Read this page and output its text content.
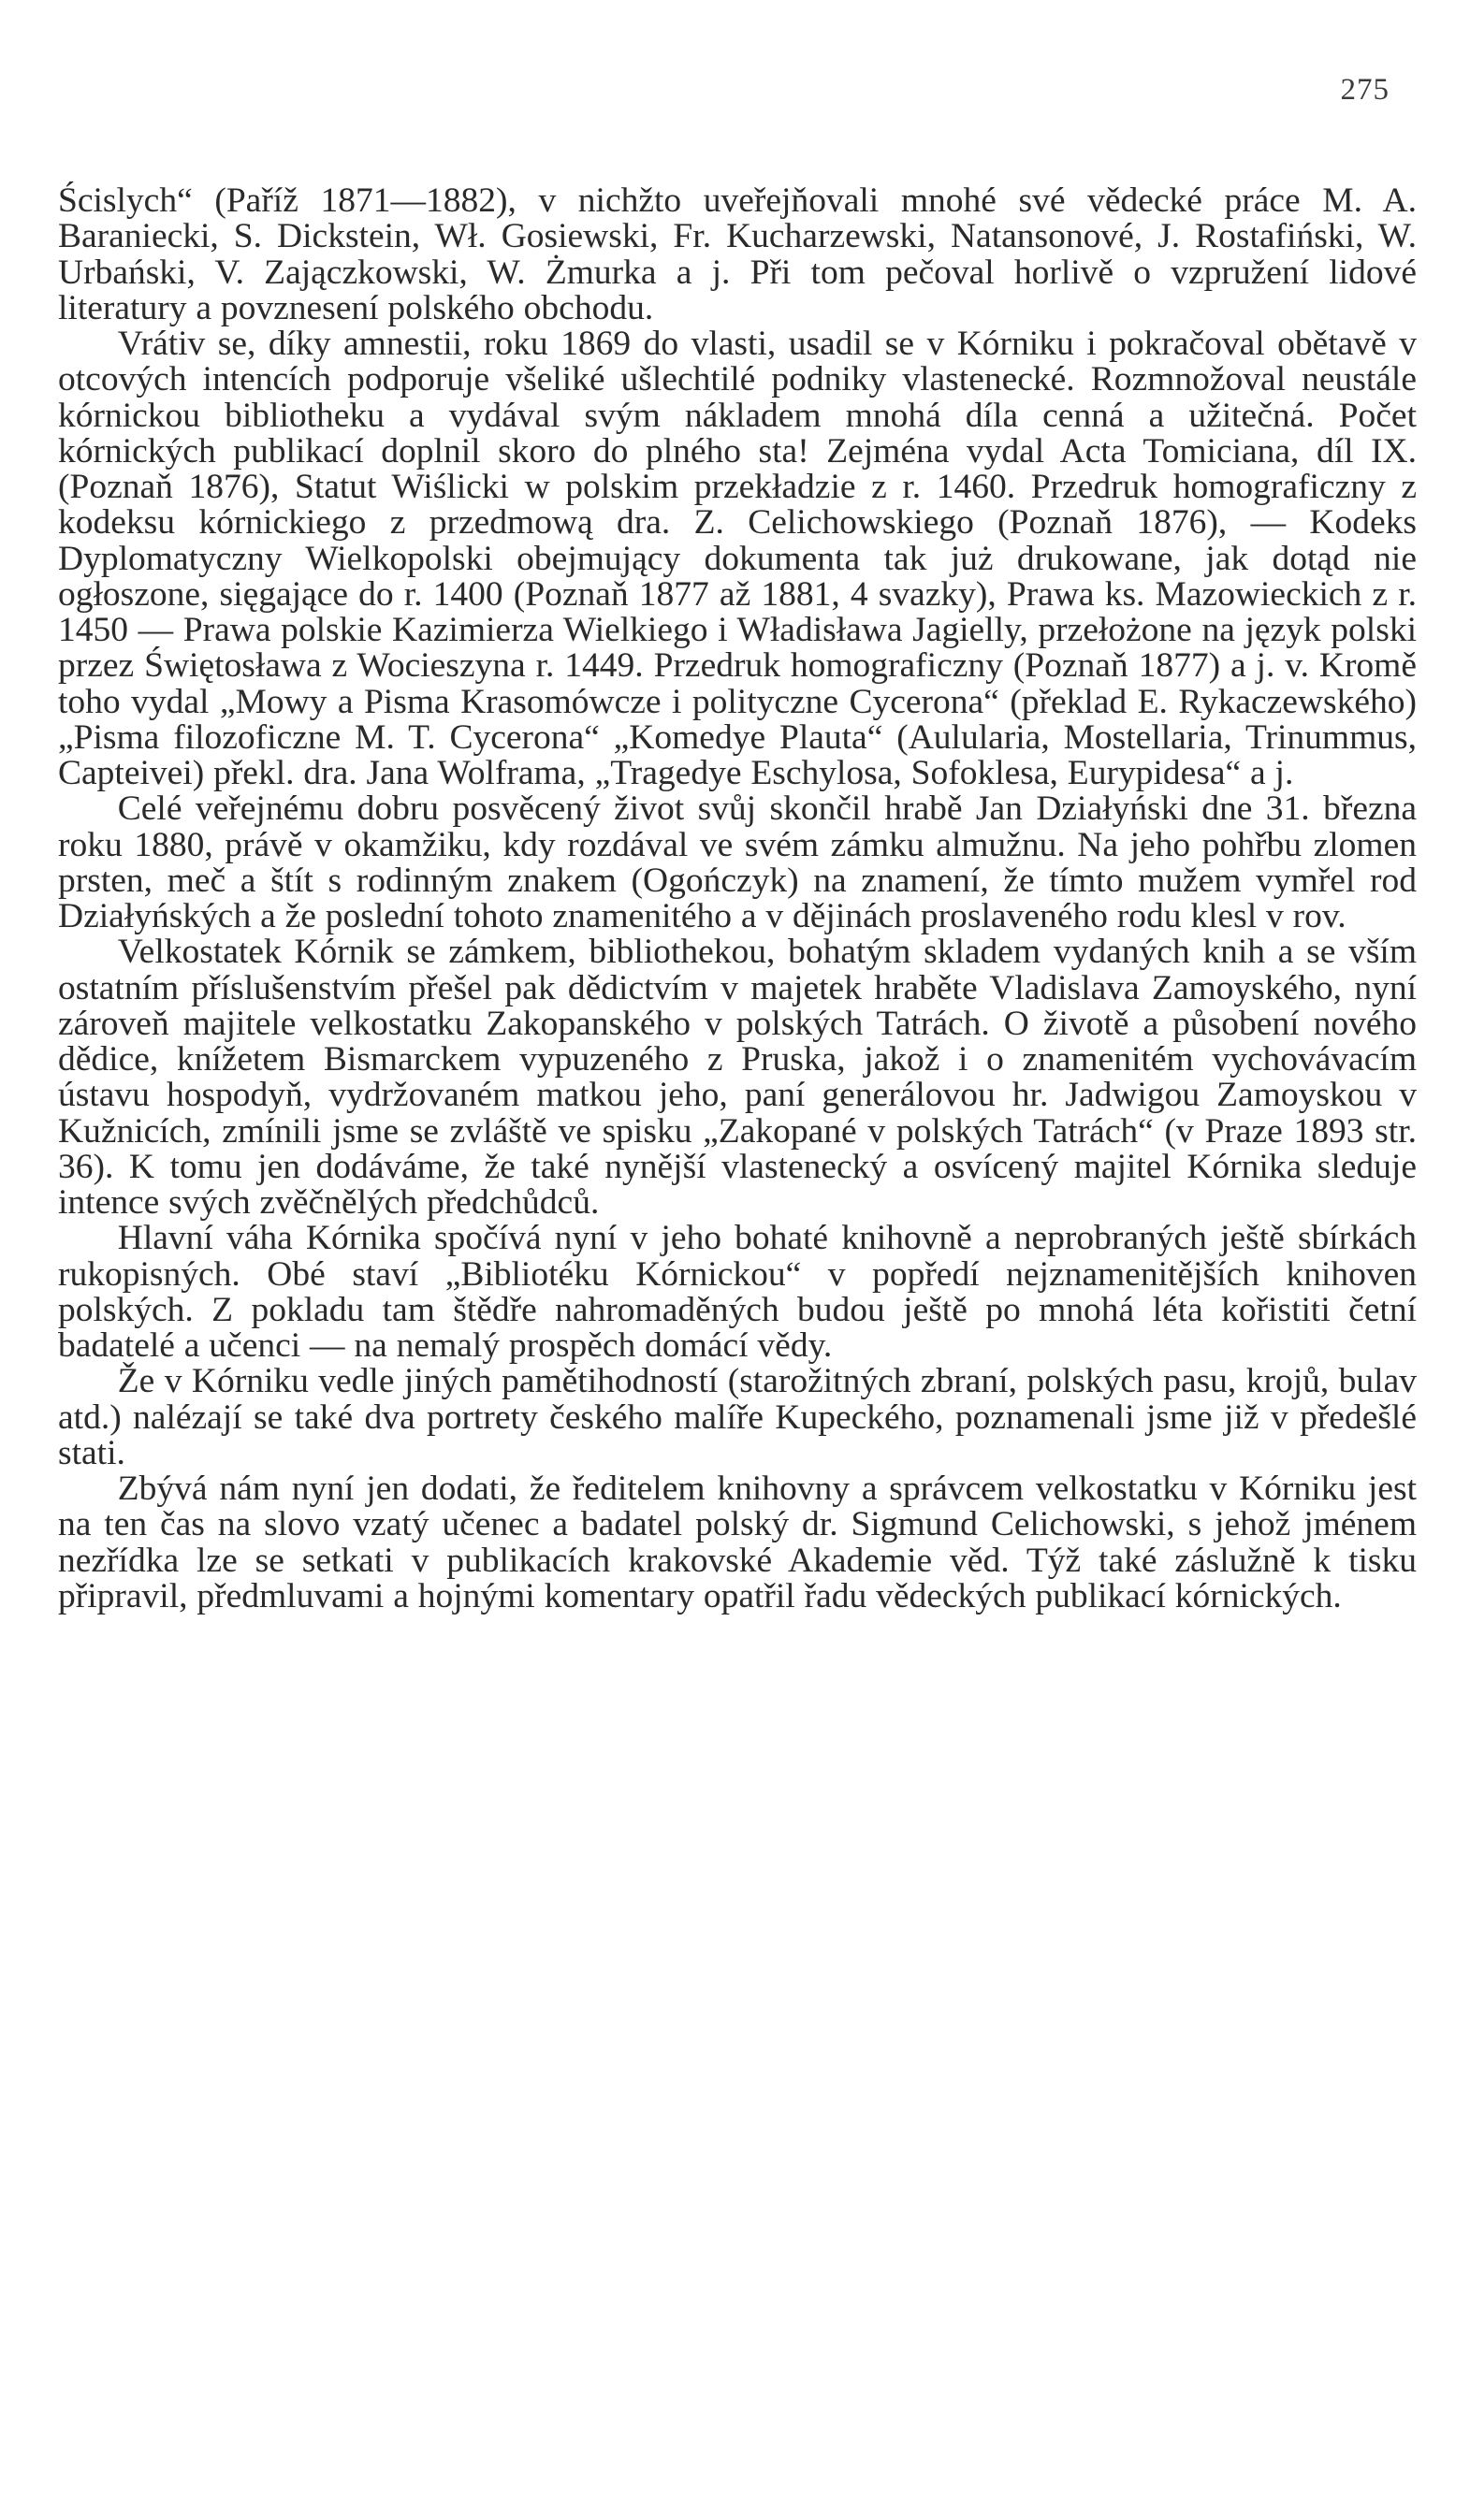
275

Ścislych“ (Paříž 1871—1882), v nichžto uveřejňovali mnohé své vědecké práce M. A. Baraniecki, S. Dickstein, Wł. Gosiewski, Fr. Kucharzewski, Natansonové, J. Rostafiński, W. Urbański, V. Zajączkowski, W. Żmurka a j. Při tom pečoval horlivě o vzpružení lidové literatury a povznesení polského obchodu.

Vrátiv se, díky amnestii, roku 1869 do vlasti, usadil se v Kórniku i pokračoval obětavě v otcových intencích podporuje všeliké ušlechtilé podniky vlastenecké. Rozmnožoval neustále kórnickou bibliotheku a vydával svým nákladem mnohá díla cenná a užitečná. Počet kórnických publikací doplnil skoro do plného sta! Zejména vydal Acta Tomiciana, díl IX. (Poznaň 1876), Statut Wiślicki w polskim przekładzie z r. 1460. Przedruk homograficzny z kodeksu kórnickiego z przedmową dra. Z. Celichowskiego (Poznaň 1876), — Kodeks Dyplomatyczny Wielkopolski obejmujący dokumenta tak już drukowane, jak dotąd nie ogłoszone, sięgające do r. 1400 (Poznaň 1877 až 1881, 4 svazky), Prawa ks. Mazowieckich z r. 1450 — Prawa polskie Kazimierza Wielkiego i Władisława Jagielly, przełożone na język polski przez Świętosława z Wocieszyna r. 1449. Przedruk homograficzny (Poznaň 1877) a j. v. Kromě toho vydal „Mowy a Pisma Krasomówcze i polityczne Cycerona“ (překlad E. Rykaczewského) „Pisma filozoficzne M. T. Cycerona“ „Komedye Plauta“ (Aulularia, Mostellaria, Trinummus, Capteivei) překl. dra. Jana Wolframa, „Tragedye Eschylosa, Sofoklesa, Eurypidesa“ a j.

Celé veřejnému dobru posvěcený život svůj skončil hrabě Jan Działyński dne 31. března roku 1880, právě v okamžiku, kdy rozdával ve svém zámku almužnu. Na jeho pohřbu zlomen prsten, meč a štít s rodinným znakem (Ogończyk) na znamení, že tímto mužem vymřel rod Działyńských a že poslední tohoto znamenitého a v dějinách proslaveného rodu klesl v rov.

Velkostatek Kórnik se zámkem, bibliothekou, bohatým skladem vydaných knih a se vším ostatním příslušenstvím přešel pak dědictvím v majetek hraběte Vladislava Zamoyského, nyní zároveň majitele velkostatku Zakopanského v polských Tatrách. O životě a působení nového dědice, knížetem Bismarckem vypuzeného z Pruska, jakož i o znamenitém vychovávacím ústavu hospodyň, vydržovaném matkou jeho, paní generálovou hr. Jadwigou Zamoyskou v Kužnicích, zmínili jsme se zvláště ve spisku „Zakopané v polských Tatrách“ (v Praze 1893 str. 36). K tomu jen dodáváme, že také nynější vlastenecký a osvícený majitel Kórnika sleduje intence svých zvěčnělých předchůdců.

Hlavní váha Kórnika spočívá nyní v jeho bohaté knihovně a neprobraných ještě sbírkách rukopisných. Obé staví „Bibliotéku Kórnickou“ v popředí nejznamenitějších knihoven polských. Z pokladu tam štědře nahromaděných budou ještě po mnohá léta kořistiti četní badatelé a učenci — na nemalý prospěch domácí vědy.

Že v Kórniku vedle jiných pamětihodností (starožitných zbraní, polských pasu, krojů, bulav atd.) nalézají se také dva portrety českého malíře Kupeckého, poznamenali jsme již v předešlé stati.

Zbývá nám nyní jen dodati, že ředitelem knihovny a správcem velkostatku v Kórniku jest na ten čas na slovo vzatý učenec a badatel polský dr. Sigmund Celichowski, s jehož jménem nezřídka lze se setkati v publikacích krakovské Akademie věd. Týž také záslužně k tisku připravil, předmluvami a hojnými komentary opatřil řadu vědeckých publikací kórnických.
